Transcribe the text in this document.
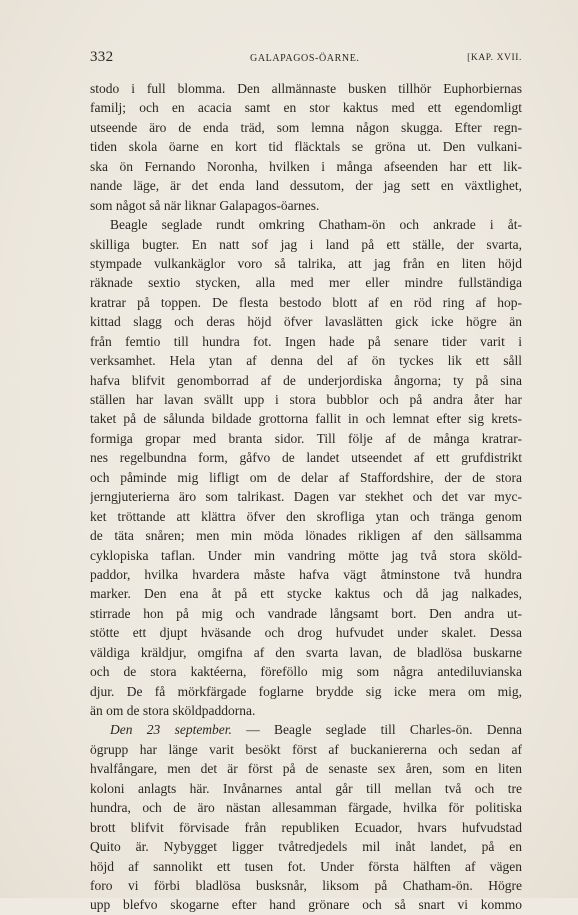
332	GALAPAGOS-ÖARNE.	[KAP. XVII.
stodo i full blomma. Den allmännaste busken tillhör Euphorbiernas
familj; och en acacia samt en stor kaktus med ett egendomligt
utseende äro de enda träd, som lemna någon skugga. Efter regn-
tiden skola öarne en kort tid fläcktals se gröna ut. Den vulkani-
ska ön Fernando Noronha, hvilken i många afseenden har ett lik-
nande läge, är det enda land dessutom, der jag sett en växtlighet,
som något så när liknar Galapagos-öarnes.
Beagle seglade rundt omkring Chatham-ön och ankrade i åt-
skilliga bugter. En natt sof jag i land på ett ställe, der svarta,
stympade vulkankäglor voro så talrika, att jag från en liten höjd
räknade sextio stycken, alla med mer eller mindre fullständiga
kratrar på toppen. De flesta bestodo blott af en röd ring af hop-
kittad slagg och deras höjd öfver lavaslätten gick icke högre än
från femtio till hundra fot. Ingen hade på senare tider varit i
verksamhet. Hela ytan af denna del af ön tyckes lik ett såll
hafva blifvit genomborrad af de underjordiska ångorna; ty på sina
ställen har lavan svällt upp i stora bubblor och på andra åter har
taket på de sålunda bildade grottorna fallit in och lemnat efter sig krets-
formiga gropar med branta sidor. Till följe af de många kratrar-
nes regelbundna form, gåfvo de landet utseendet af ett grufdistrikt
och påminde mig lifligt om de delar af Staffordshire, der de stora
jerngjuterierna äro som talrikast. Dagen var stekhet och det var myc-
ket tröttande att klättra öfver den skrofliga ytan och tränga genom
de täta snåren; men min möda lönades rikligen af den sällsamma
cyklopiska taflan. Under min vandring mötte jag två stora sköld-
paddor, hvilka hvardera måste hafva vägt åtminstone två hundra
marker. Den ena åt på ett stycke kaktus och då jag nalkades,
stirrade hon på mig och vandrade långsamt bort. Den andra ut-
stötte ett djupt hväsande och drog hufvudet under skalet. Dessa
väldiga kräldjur, omgifna af den svarta lavan, de bladlösa buskarne
och de stora kaktéerna, föreföllo mig som några antediluvianska
djur. De få mörkfärgade foglarne brydde sig icke mera om mig,
än om de stora sköldpaddorna.
Den 23 september. — Beagle seglade till Charles-ön. Denna
ögrupp har länge varit besökt först af buckaniererna och sedan af
hvalfångare, men det är först på de senaste sex åren, som en liten
koloni anlagts här. Invånarnes antal går till mellan två och tre
hundra, och de äro nästan allesamman färgade, hvilka för politiska
brott blifvit förvisade från republiken Ecuador, hvars hufvudstad
Quito är. Nybygget ligger tvåtredjedels mil inåt landet, på en
höjd af sannolikt ett tusen fot. Under första hälften af vägen
foro vi förbi bladlösa busksnår, liksom på Chatham-ön. Högre
upp blefvo skogarne efter hand grönare och så snart vi kommo
